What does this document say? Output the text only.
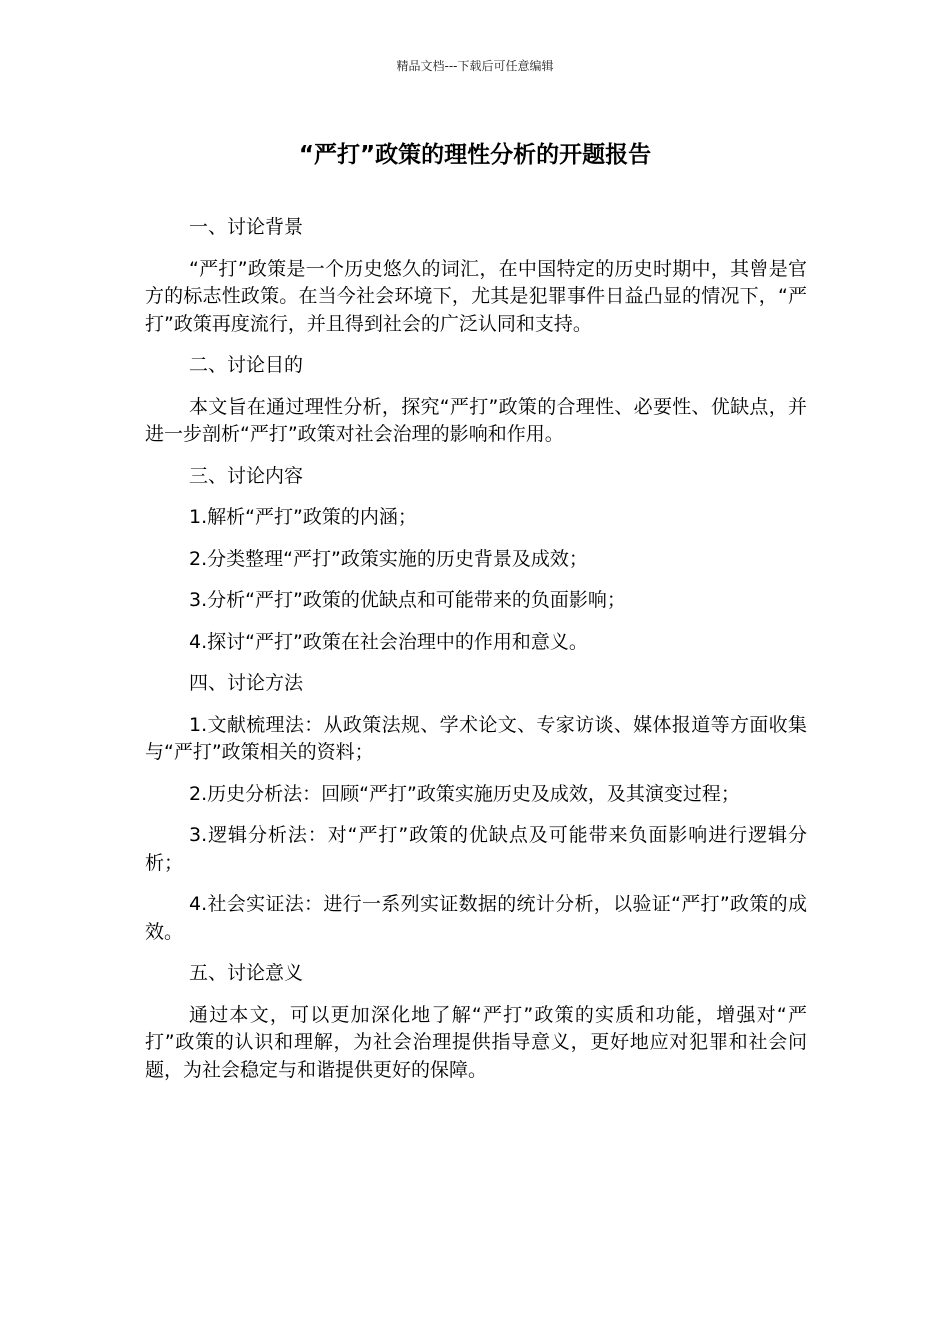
精品文档---下载后可任意编辑
“严打”政策的理性分析的开题报告

一、讨论背景

“严打”政策是一个历史悠久的词汇，在中国特定的历史时期中，其曾是官方的标志性政策。在当今社会环境下，尤其是犯罪事件日益凸显的情况下，“严打”政策再度流行，并且得到社会的广泛认同和支持。

二、讨论目的

本文旨在通过理性分析，探究“严打”政策的合理性、必要性、优缺点，并进一步剖析“严打”政策对社会治理的影响和作用。

三、讨论内容

1.解析“严打”政策的内涵；

2.分类整理“严打”政策实施的历史背景及成效；

3.分析“严打”政策的优缺点和可能带来的负面影响；

4.探讨“严打”政策在社会治理中的作用和意义。

四、讨论方法

1.文献梳理法：从政策法规、学术论文、专家访谈、媒体报道等方面收集与“严打”政策相关的资料；

2.历史分析法：回顾“严打”政策实施历史及成效，及其演变过程；

3.逻辑分析法：对“严打”政策的优缺点及可能带来负面影响进行逻辑分析；

4.社会实证法：进行一系列实证数据的统计分析，以验证“严打”政策的成效。

五、讨论意义

通过本文，可以更加深化地了解“严打”政策的实质和功能，增强对“严打”政策的认识和理解，为社会治理提供指导意义，更好地应对犯罪和社会问题，为社会稳定与和谐提供更好的保障。
